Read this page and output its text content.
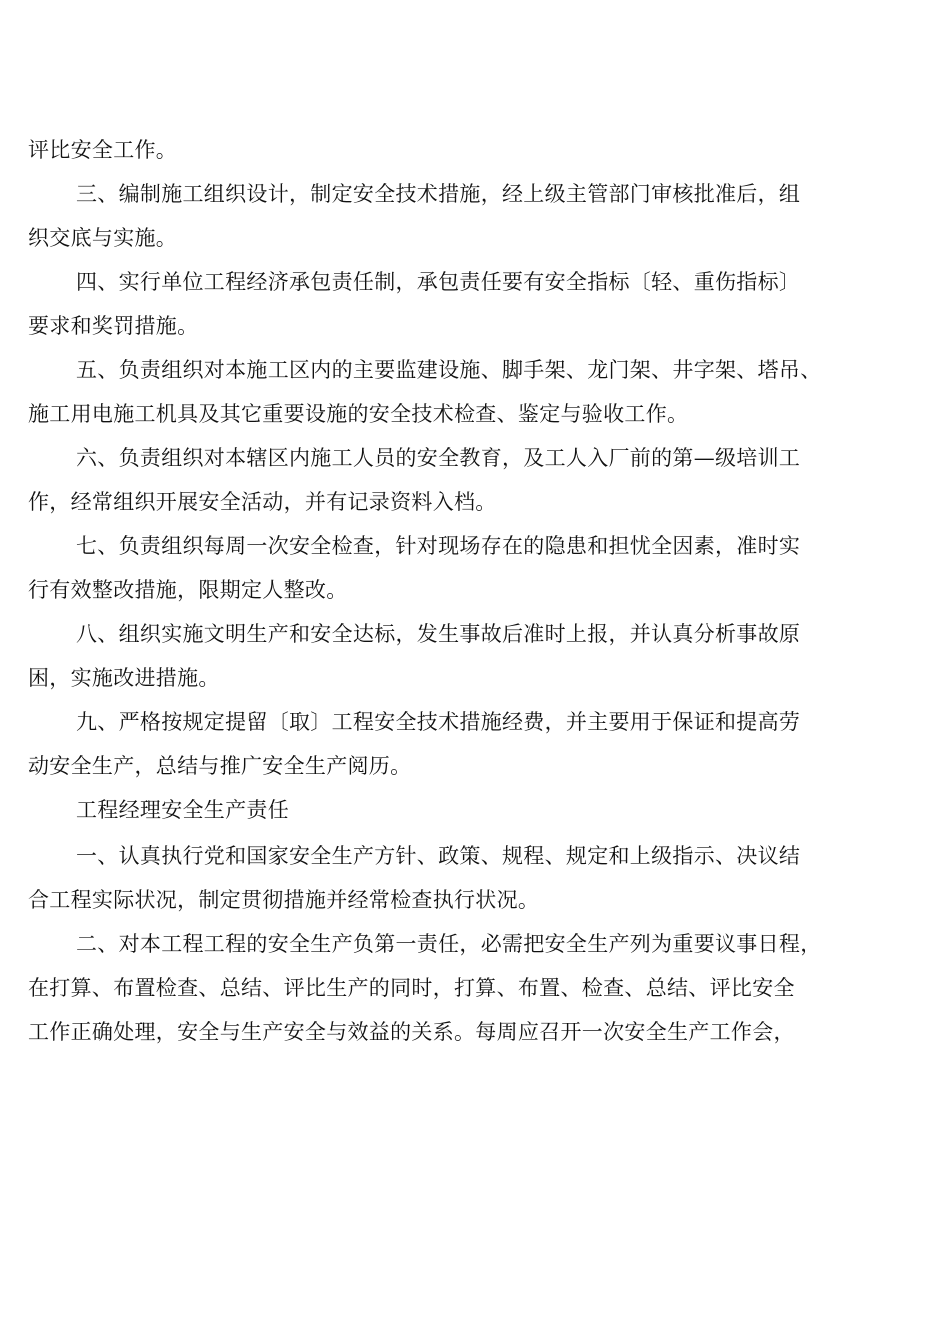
评比安全工作。
三、编制施工组织设计，制定安全技术措施，经上级主管部门审核批准后，组
织交底与实施。
四、实行单位工程经济承包责任制，承包责任要有安全指标〔轻、重伤指标〕
要求和奖罚措施。
五、负责组织对本施工区内的主要监建设施、脚手架、龙门架、井字架、塔吊、
施工用电施工机具及其它重要设施的安全技术检查、鉴定与验收工作。
六、负责组织对本辖区内施工人员的安全教育，及工人入厂前的第—级培训工
作，经常组织开展安全活动，并有记录资料入档。
七、负责组织每周一次安全检查，针对现场存在的隐患和担忧全因素，准时实
行有效整改措施，限期定人整改。
八、组织实施文明生产和安全达标，发生事故后准时上报，并认真分析事故原
困，实施改进措施。
九、严格按规定提留〔取〕工程安全技术措施经费，并主要用于保证和提高劳
动安全生产，总结与推广安全生产阅历。
工程经理安全生产责任
一、认真执行党和国家安全生产方针、政策、规程、规定和上级指示、决议结
合工程实际状况，制定贯彻措施并经常检查执行状况。
二、对本工程工程的安全生产负第一责任，必需把安全生产列为重要议事日程，
在打算、布置检查、总结、评比生产的同时，打算、布置、检查、总结、评比安全
工作正确处理，安全与生产安全与效益的关系。每周应召开一次安全生产工作会，
